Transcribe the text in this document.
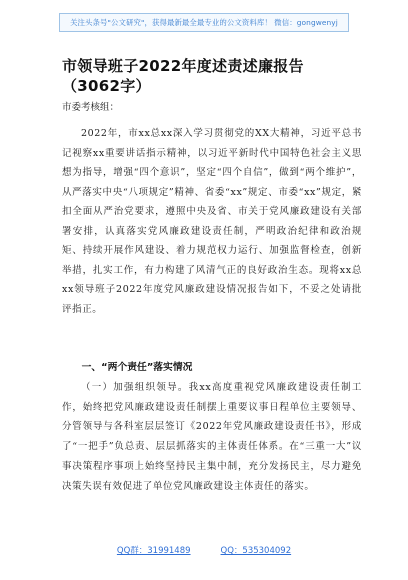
关注头条号"公文研究"，获得最新最全最专业的公文资料库！ 微信：gongwenyj
市领导班子2022年度述责述廉报告（3062字）
市委考核组：

2022年，市xx总xx深入学习贯彻党的XX大精神，习近平总书记视察xx重要讲话指示精神，以习近平新时代中国特色社会主义思想为指导，增强“四个意识”，坚定“四个自信”，做到“两个维护”，从严落实中央“八项规定”精神、省委“xx”规定、市委“xx”规定，紧扣全面从严治党要求，遵照中央及省、市关于党风廉政建设有关部署安排，认真落实党风廉政建设责任制，严明政治纪律和政治规矩、持续开展作风建设、着力规范权力运行、加强监督检查，创新举措，扎实工作，有力构建了风清气正的良好政治生态。现将xx总xx领导班子2022年度党风廉政建设情况报告如下，不妥之处请批评指正。

一、“两个责任”落实情况

（一）加强组织领导。我xx高度重视党风廉政建设责任制工作，始终把党风廉政建设责任制摆上重要议事日程单位主要领导、分管领导与各科室层层签订《2022年党风廉政建设责任书》，形成了“一把手”负总责、层层抓落实的主体责任体系。在“三重一大”议事决策程序事项上始终坚持民主集中制，充分发扬民主，尽力避免决策失误有效促进了单位党风廉政建设主体责任的落实。

QQ群：31991489	QQ：535304092
